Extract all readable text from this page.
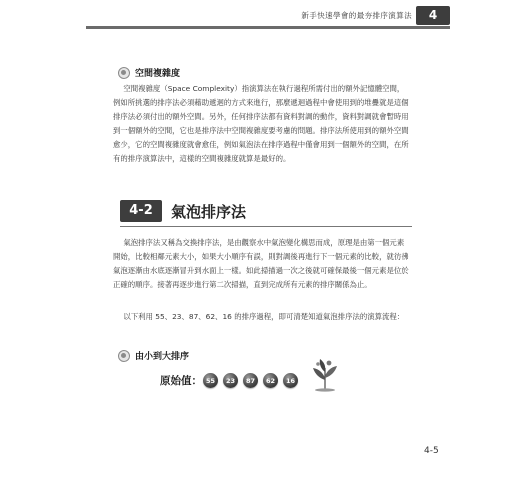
新手快速學會的最夯排序演算法	4
空間複雜度

空間複雜度（Space Complexity）指演算法在執行過程所需付出的額外記憶體空間，例如所挑選的排序法必須藉助遞迴的方式來進行，那麼遞迴過程中會使用到的堆疊就是這個排序法必須付出的額外空間。另外，任何排序法都有資料對調的動作，資料對調就會暫時用到一個額外的空間，它也是排序法中空間複雜度要考慮的問題。排序法所使用到的額外空間愈少，它的空間複雜度就會愈佳，例如氣泡法在排序過程中僅會用到一個額外的空間，在所有的排序演算法中，這樣的空間複雜度就算是最好的。

4-2	氣泡排序法

氣泡排序法又稱為交換排序法，是由觀察水中氣泡變化構思而成，原理是由第一個元素開始，比較相鄰元素大小，如果大小順序有誤，則對調後再進行下一個元素的比較，就彷彿氣泡逐漸由水底逐漸冒升到水面上一樣。如此掃描過一次之後就可確保最後一個元素是位於正確的順序。接著再逐步進行第二次掃描，直到完成所有元素的排序關係為止。

以下利用 55、23、87、62、16 的排序過程，即可清楚知道氣泡排序法的演算流程：

由小到大排序
原始值： 55	23	87	62	16
4-5
